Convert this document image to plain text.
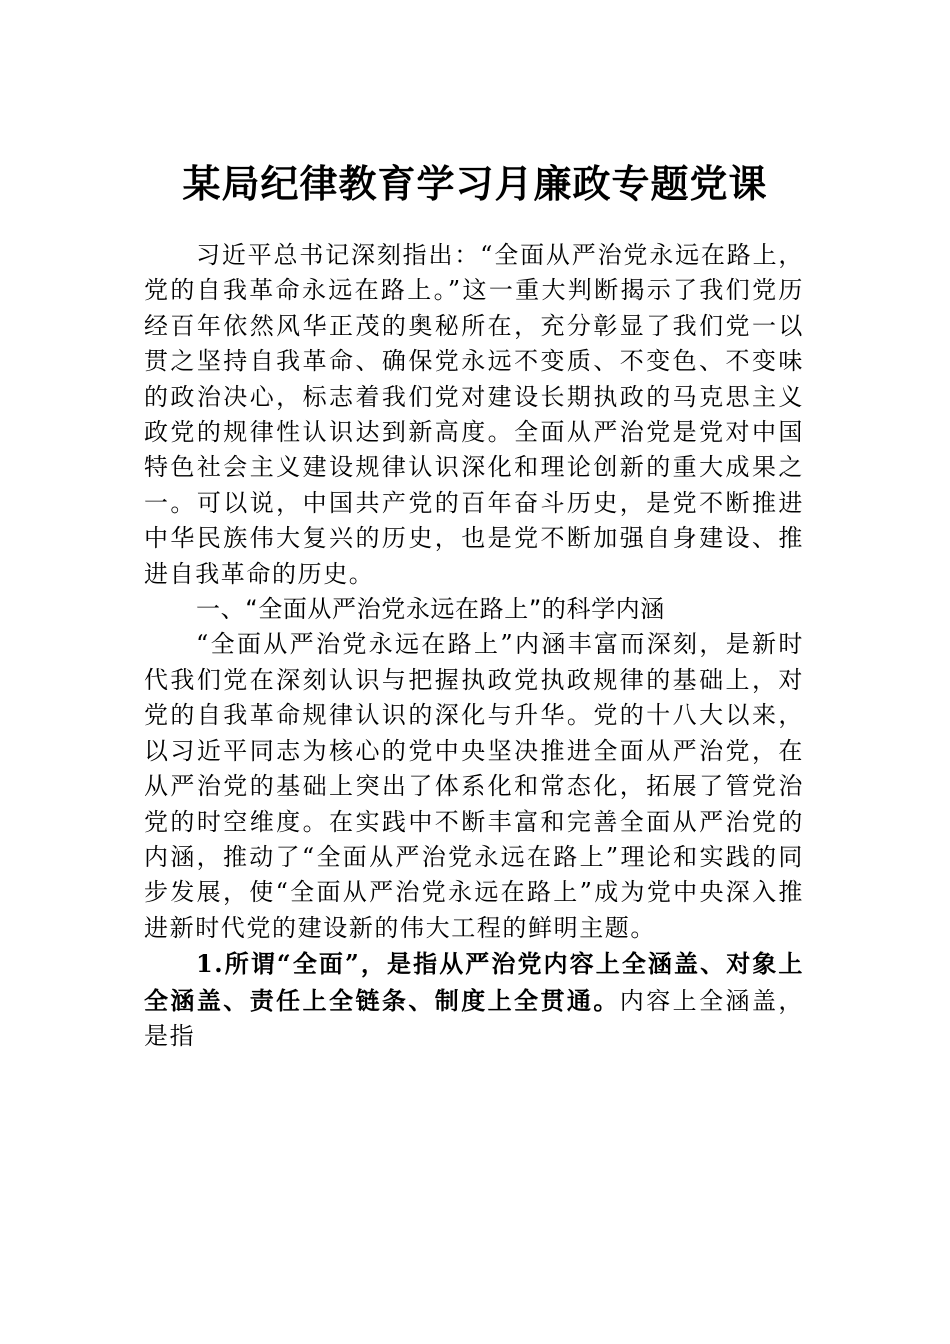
某局纪律教育学习月廉政专题党课

习近平总书记深刻指出：“全面从严治党永远在路上，党的自我革命永远在路上。”这一重大判断揭示了我们党历经百年依然风华正茂的奥秘所在，充分彰显了我们党一以贯之坚持自我革命、确保党永远不变质、不变色、不变味的政治决心，标志着我们党对建设长期执政的马克思主义政党的规律性认识达到新高度。全面从严治党是党对中国特色社会主义建设规律认识深化和理论创新的重大成果之一。可以说，中国共产党的百年奋斗历史，是党不断推进中华民族伟大复兴的历史，也是党不断加强自身建设、推进自我革命的历史。

一、“全面从严治党永远在路上”的科学内涵

“全面从严治党永远在路上”内涵丰富而深刻，是新时代我们党在深刻认识与把握执政党执政规律的基础上，对党的自我革命规律认识的深化与升华。党的十八大以来，以习近平同志为核心的党中央坚决推进全面从严治党，在从严治党的基础上突出了体系化和常态化，拓展了管党治党的时空维度。在实践中不断丰富和完善全面从严治党的内涵，推动了“全面从严治党永远在路上”理论和实践的同步发展，使“全面从严治党永远在路上”成为党中央深入推进新时代党的建设新的伟大工程的鲜明主题。

1.所谓“全面”，是指从严治党内容上全涵盖、对象上全涵盖、责任上全链条、制度上全贯通。内容上全涵盖，是指
